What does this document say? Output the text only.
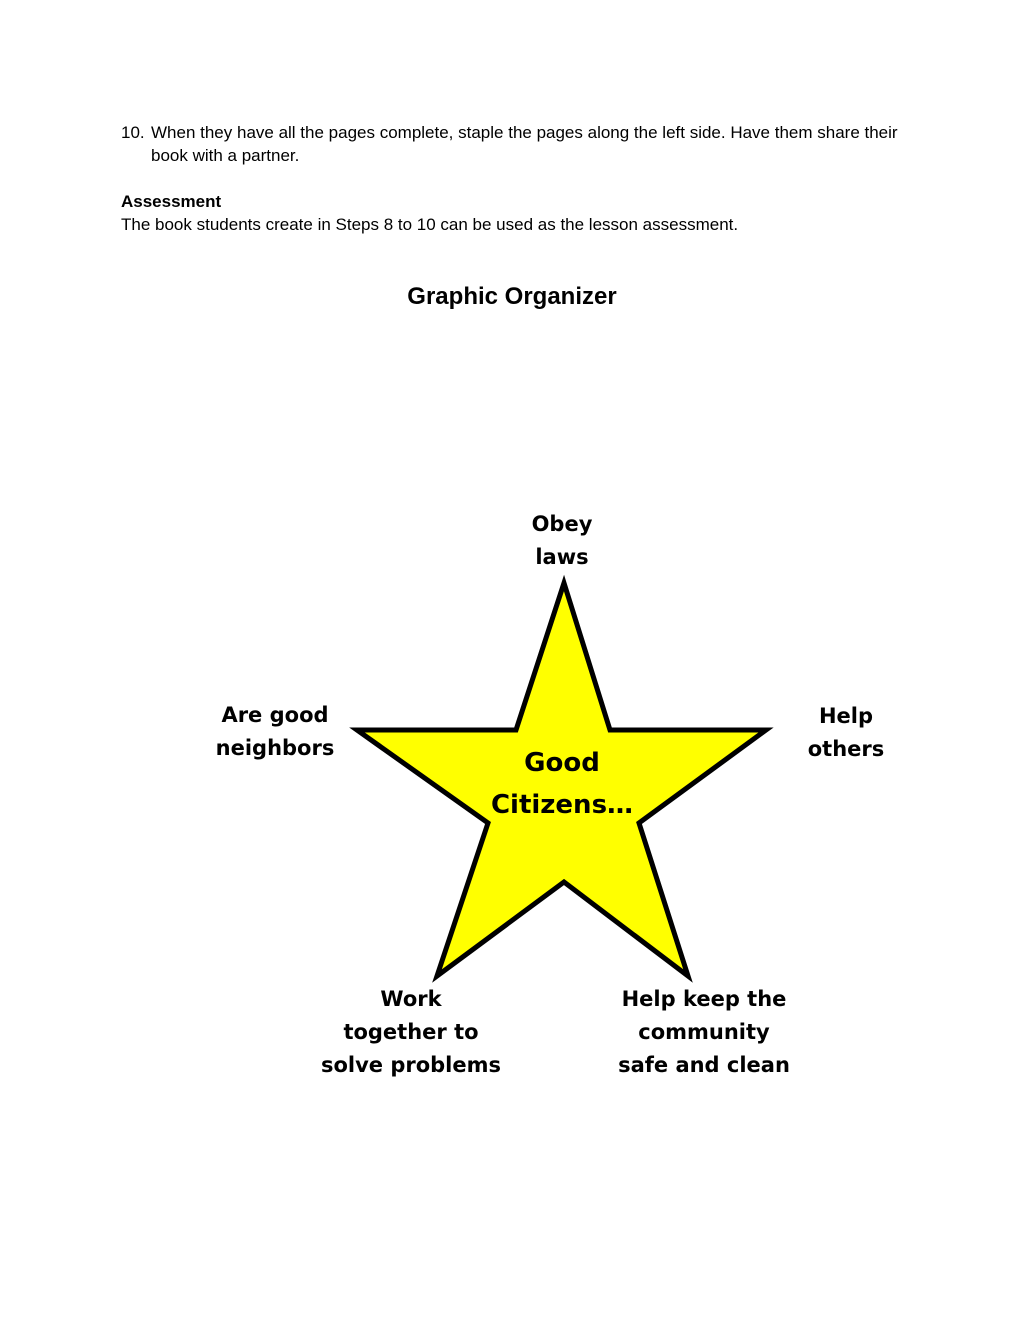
10. When they have all the pages complete, staple the pages along the left side. Have them share their book with a partner.
Assessment
The book students create in Steps 8 to 10 can be used as the lesson assessment.
Graphic Organizer
Good
Citizens…
Obey
laws
Are good
neighbors
Help
others
Work
together to
solve problems
Help keep the
community
safe and clean
